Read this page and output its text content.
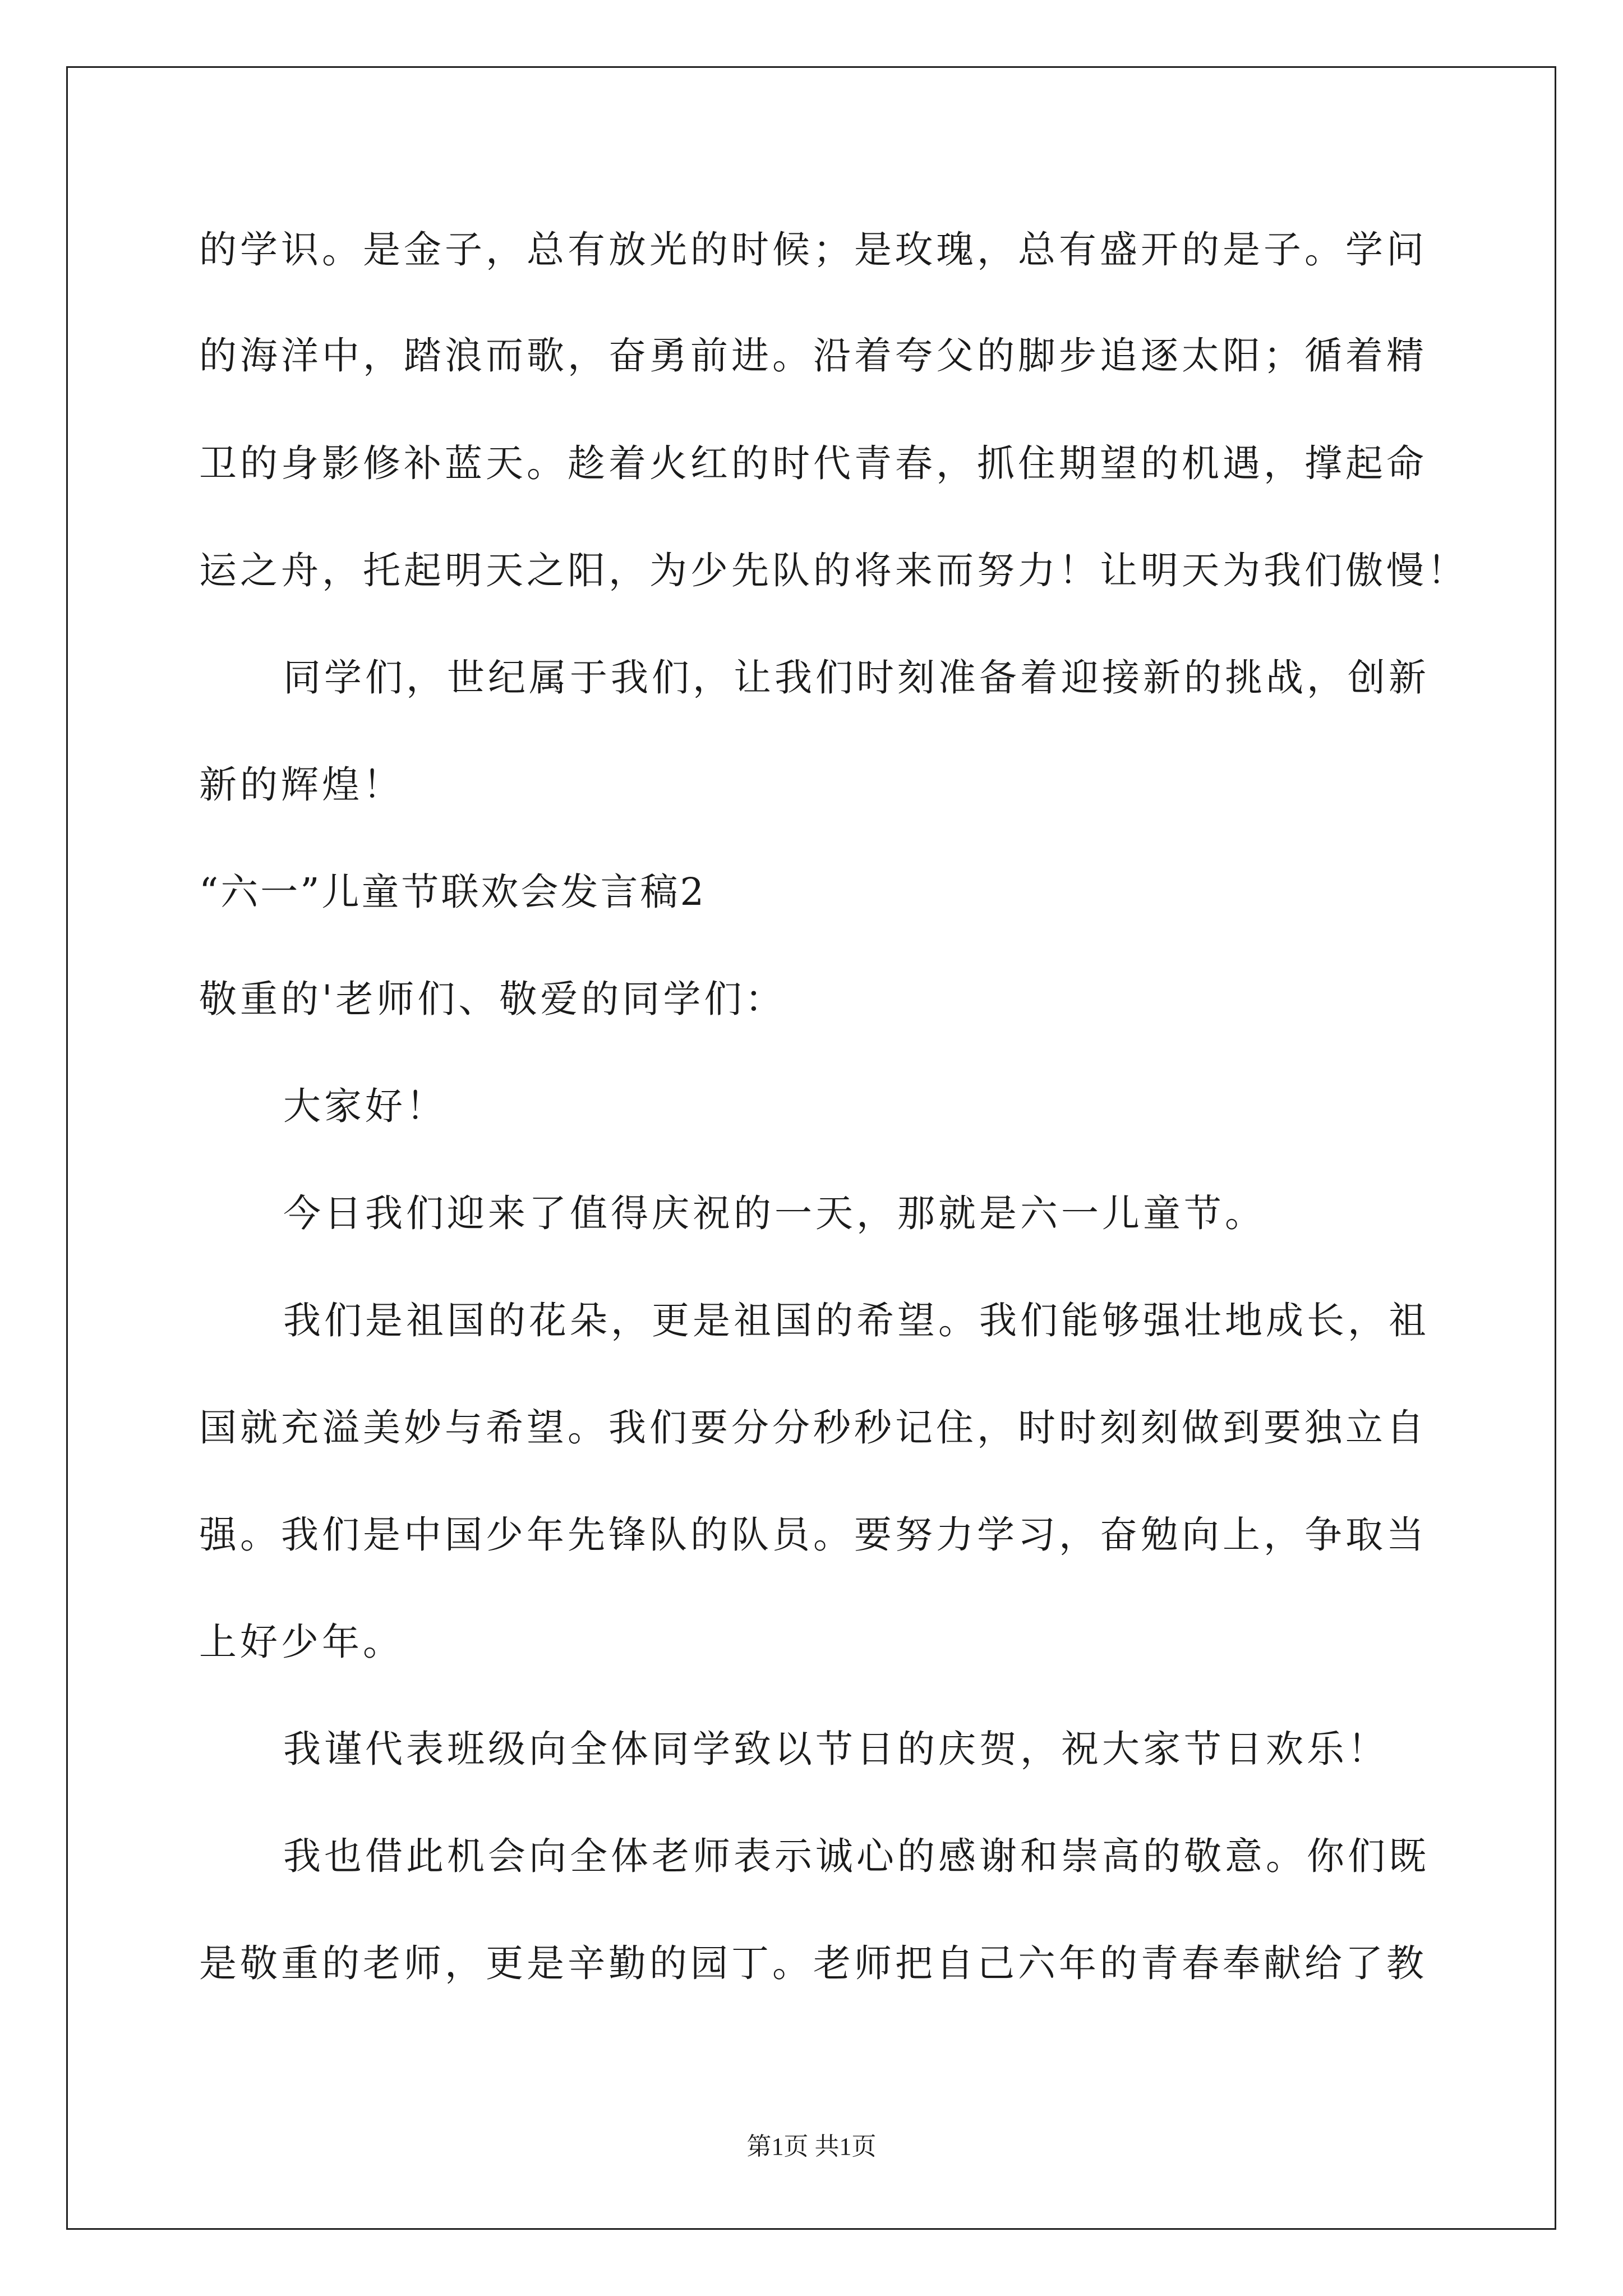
的学识。是金子，总有放光的时候；是玫瑰，总有盛开的是子。学问
的海洋中，踏浪而歌，奋勇前进。沿着夸父的脚步追逐太阳；循着精
卫的身影修补蓝天。趁着火红的时代青春，抓住期望的机遇，撑起命
运之舟，托起明天之阳，为少先队的将来而努力！让明天为我们傲慢！
同学们，世纪属于我们，让我们时刻准备着迎接新的挑战，创新
新的辉煌！
“六一”儿童节联欢会发言稿2
敬重的'老师们、敬爱的同学们：
大家好！
今日我们迎来了值得庆祝的一天，那就是六一儿童节。
我们是祖国的花朵，更是祖国的希望。我们能够强壮地成长，祖
国就充溢美妙与希望。我们要分分秒秒记住，时时刻刻做到要独立自
强。我们是中国少年先锋队的队员。要努力学习，奋勉向上，争取当
上好少年。
我谨代表班级向全体同学致以节日的庆贺，祝大家节日欢乐！
我也借此机会向全体老师表示诚心的感谢和崇高的敬意。你们既
是敬重的老师，更是辛勤的园丁。老师把自己六年的青春奉献给了教
第1页 共1页
